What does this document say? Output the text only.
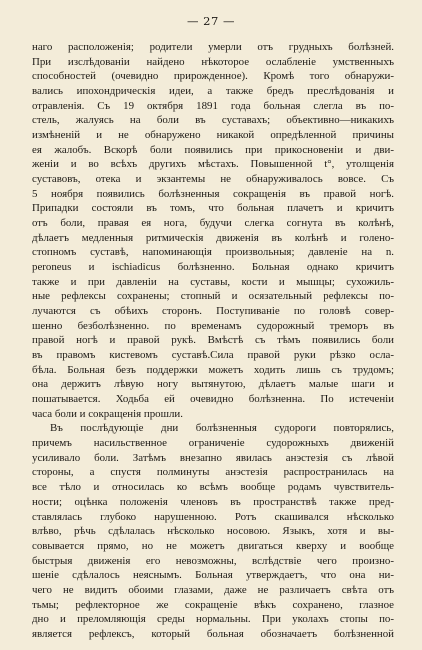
— 27 —
наго расположенія; родители умерли отъ грудныхъ болѣзней.
При изслѣдованіи найдено нѣкоторое ослабленіе умственныхъ
способностей (очевидно прирожденное). Кромѣ того обнаружи-
вались ипохондрическія идеи, а также бредъ преслѣдованія и
отравленія. Съ 19 октября 1891 года больная слегла въ по-
стель, жалуясь на боли въ суставахъ; объективно—никакихъ
измѣненій и не обнаружено никакой опредѣленной причины
ея жалобъ. Вскорѣ боли появились при прикосновеніи и дви-
женіи и во всѣхъ другихъ мѣстахъ. Повышенной t°, утолщенія
суставовъ, отека и экзантемы не обнаруживалось вовсе. Съ
5 ноября появились болѣзненныя сокращенія въ правой ногѣ.
Припадки состояли въ томъ, что больная плачетъ и кричитъ
отъ боли, правая ея нога, будучи слегка согнута въ колѣнѣ,
дѣлаетъ медленныя ритмическія движенія въ колѣнѣ и голено-
стопномъ суставѣ, напоминающія произвольныя; давленіе на n.
peroneus и ischiadicus болѣзненно. Больная однако кричитъ
также и при давленіи на суставы, кости и мышцы; сухожиль-
ные рефлексы сохранены; стопный и осязательный рефлексы по-
лучаются съ обѣихъ сторонъ. Поступиваніе по головѣ совер-
шенно безболѣзненно. по временамъ судорожный треморъ въ
правой ногѣ и правой рукѣ. Вмѣстѣ съ тѣмъ появились боли
въ правомъ кистевомъ суставѣ.Сила правой руки рѣзко осла-
бѣла. Больная безъ поддержки можетъ ходить лишь съ трудомъ;
она держитъ лѣвую ногу вытянутою, дѣлаетъ малые шаги и
пошатывается. Ходьба ей очевидно болѣзненна. По истеченіи
часа боли и сокращенія прошли.
Въ послѣдующіе дни болѣзненныя судороги повторялись,
причемъ насильственное ограниченіе судорожныхъ движеній
усиливало боли. Затѣмъ внезапно явилась анэстезія съ лѣвой
стороны, а спустя полминуты анэстезія распространилась на
все тѣло и относилась ко всѣмъ вообще родамъ чувствитель-
ности; оцѣнка положенія членовъ въ пространствѣ также пред-
ставлялась глубоко нарушенною. Ротъ скашивался нѣсколько
влѣво, рѣчь сдѣлалась нѣсколько носовою. Языкъ, хотя и вы-
совывается прямо, но не можетъ двигаться кверху и вообще
быстрыя движенія его невозможны, вслѣдствіе чего произно-
шеніе сдѣлалось неяснымъ. Больная утверждаетъ, что она ни-
чего не видитъ обоими глазами, даже не различаетъ свѣта отъ
тьмы; рефлекторное же сокращеніе вѣкъ сохранено, глазное
дно и преломляющія среды нормальны. При уколахъ стопы по-
является рефлексъ, который больная обозначаетъ болѣзненной
